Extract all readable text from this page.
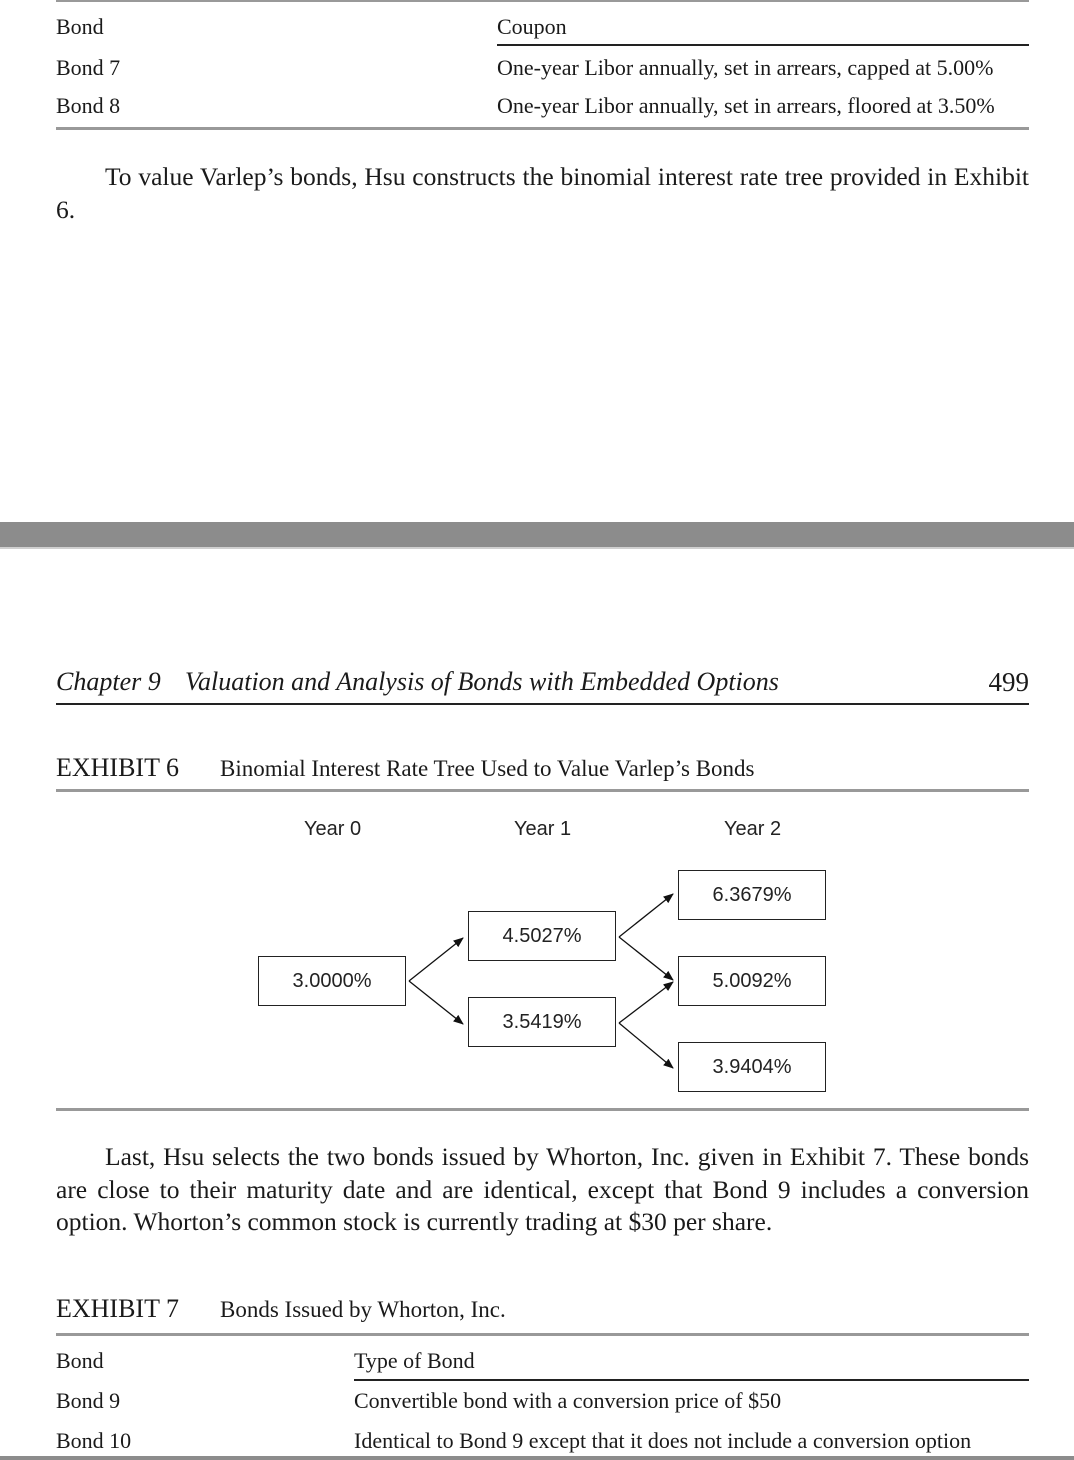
Bond	Coupon
Bond 7	One-year Libor annually, set in arrears, capped at 5.00%
Bond 8	One-year Libor annually, set in arrears, floored at 3.50%
To value Varlep’s bonds, Hsu constructs the binomial interest rate tree provided in Exhibit 6.
Chapter 9 Valuation and Analysis of Bonds with Embedded Options	499
EXHIBIT 6 Binomial Interest Rate Tree Used to Value Varlep’s Bonds
Year 0	Year 1	Year 2
3.0000%
4.5027%
3.5419%
6.3679%
5.0092%
3.9404%
Last, Hsu selects the two bonds issued by Whorton, Inc. given in Exhibit 7. These bonds are close to their maturity date and are identical, except that Bond 9 includes a conversion option. Whorton’s common stock is currently trading at $30 per share.
EXHIBIT 7 Bonds Issued by Whorton, Inc.
Bond	Type of Bond
Bond 9	Convertible bond with a conversion price of $50
Bond 10	Identical to Bond 9 except that it does not include a conversion option
